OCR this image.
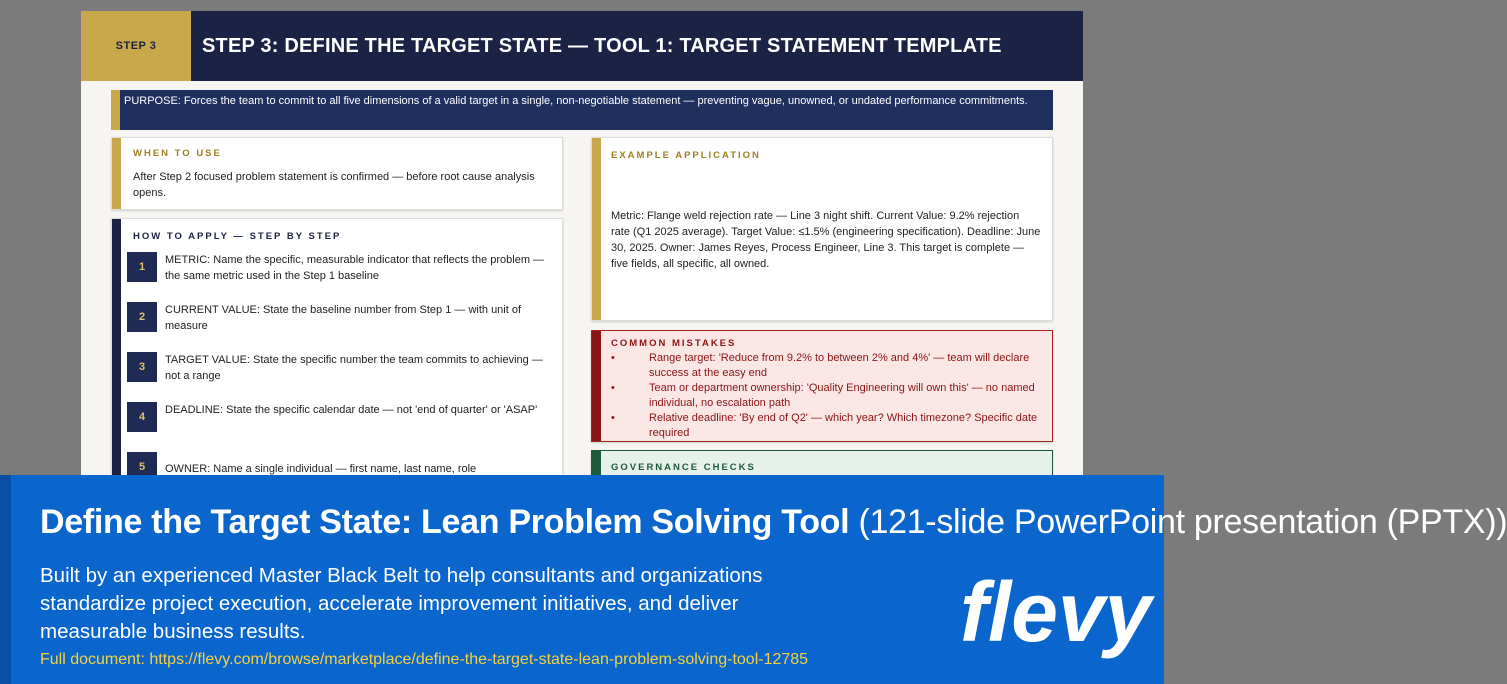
STEP 3	STEP 3: DEFINE THE TARGET STATE — TOOL 1: TARGET STATEMENT TEMPLATE
PURPOSE: Forces the team to commit to all five dimensions of a valid target in a single, non-negotiable statement — preventing vague, unowned, or undated performance commitments.
WHEN TO USE
After Step 2 focused problem statement is confirmed — before root cause analysis opens.
HOW TO APPLY — STEP BY STEP
1
METRIC: Name the specific, measurable indicator that reflects the problem — the same metric used in the Step 1 baseline
2
CURRENT VALUE: State the baseline number from Step 1 — with unit of measure
3
TARGET VALUE: State the specific number the team commits to achieving — not a range
4
DEADLINE: State the specific calendar date — not 'end of quarter' or 'ASAP'
5	OWNER: Name a single individual — first name, last name, role
EXAMPLE APPLICATION
Metric: Flange weld rejection rate — Line 3 night shift. Current Value: 9.2% rejection rate (Q1 2025 average). Target Value: ≤1.5% (engineering specification). Deadline: June 30, 2025. Owner: James Reyes, Process Engineer, Line 3. This target is complete — five fields, all specific, all owned.
COMMON MISTAKES
•	Range target: 'Reduce from 9.2% to between 2% and 4%' — team will declare success at the easy end
•	Team or department ownership: 'Quality Engineering will own this' — no named individual, no escalation path
•	Relative deadline: 'By end of Q2' — which year? Which timezone? Specific date required
GOVERNANCE CHECKS
Define the Target State: Lean Problem Solving Tool (121-slide PowerPoint presentation (PPTX))
Built by an experienced Master Black Belt to help consultants and organizations standardize project execution, accelerate improvement initiatives, and deliver measurable business results.
Full document: https://flevy.com/browse/marketplace/define-the-target-state-lean-problem-solving-tool-12785
flevy
